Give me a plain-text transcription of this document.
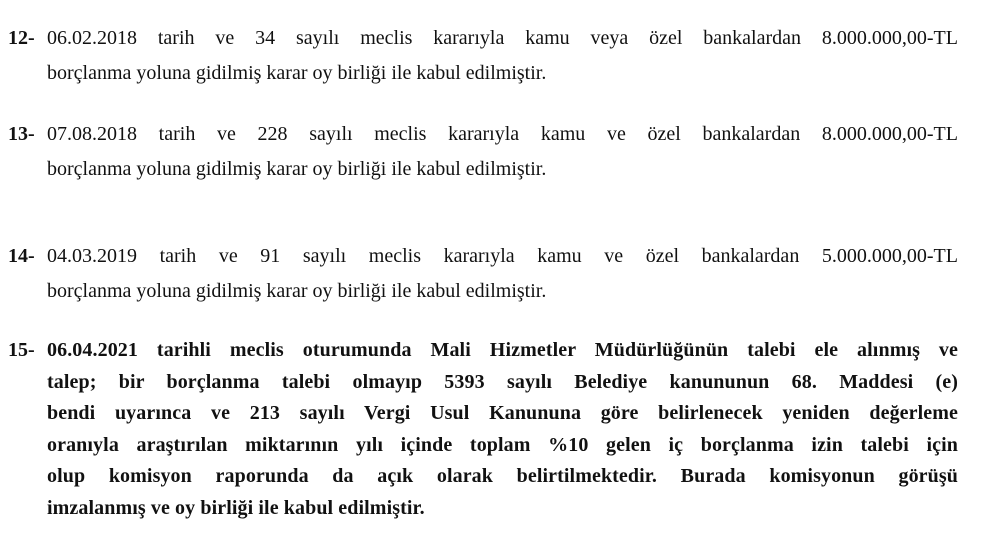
12- 06.02.2018 tarih ve 34 sayılı meclis kararıyla kamu veya özel bankalardan 8.000.000,00-TL
borçlanma yoluna gidilmiş karar oy birliği ile kabul edilmiştir.
13- 07.08.2018 tarih ve 228 sayılı meclis kararıyla kamu ve özel bankalardan 8.000.000,00-TL
borçlanma yoluna gidilmiş karar oy birliği ile kabul edilmiştir.
14- 04.03.2019 tarih ve 91 sayılı meclis kararıyla kamu ve özel bankalardan 5.000.000,00-TL
borçlanma yoluna gidilmiş karar oy birliği ile kabul edilmiştir.
15- 06.04.2021 tarihli meclis oturumunda Mali Hizmetler Müdürlüğünün talebi ele alınmış ve
talep; bir borçlanma talebi olmayıp 5393 sayılı Belediye kanununun 68. Maddesi (e)
bendi uyarınca ve 213 sayılı Vergi Usul Kanununa göre belirlenecek yeniden değerleme
oranıyla araştırılan miktarının yılı içinde toplam %10 gelen iç borçlanma izin talebi için
olup komisyon raporunda da açık olarak belirtilmektedir. Burada komisyonun görüşü
imzalanmış ve oy birliği ile kabul edilmiştir.
